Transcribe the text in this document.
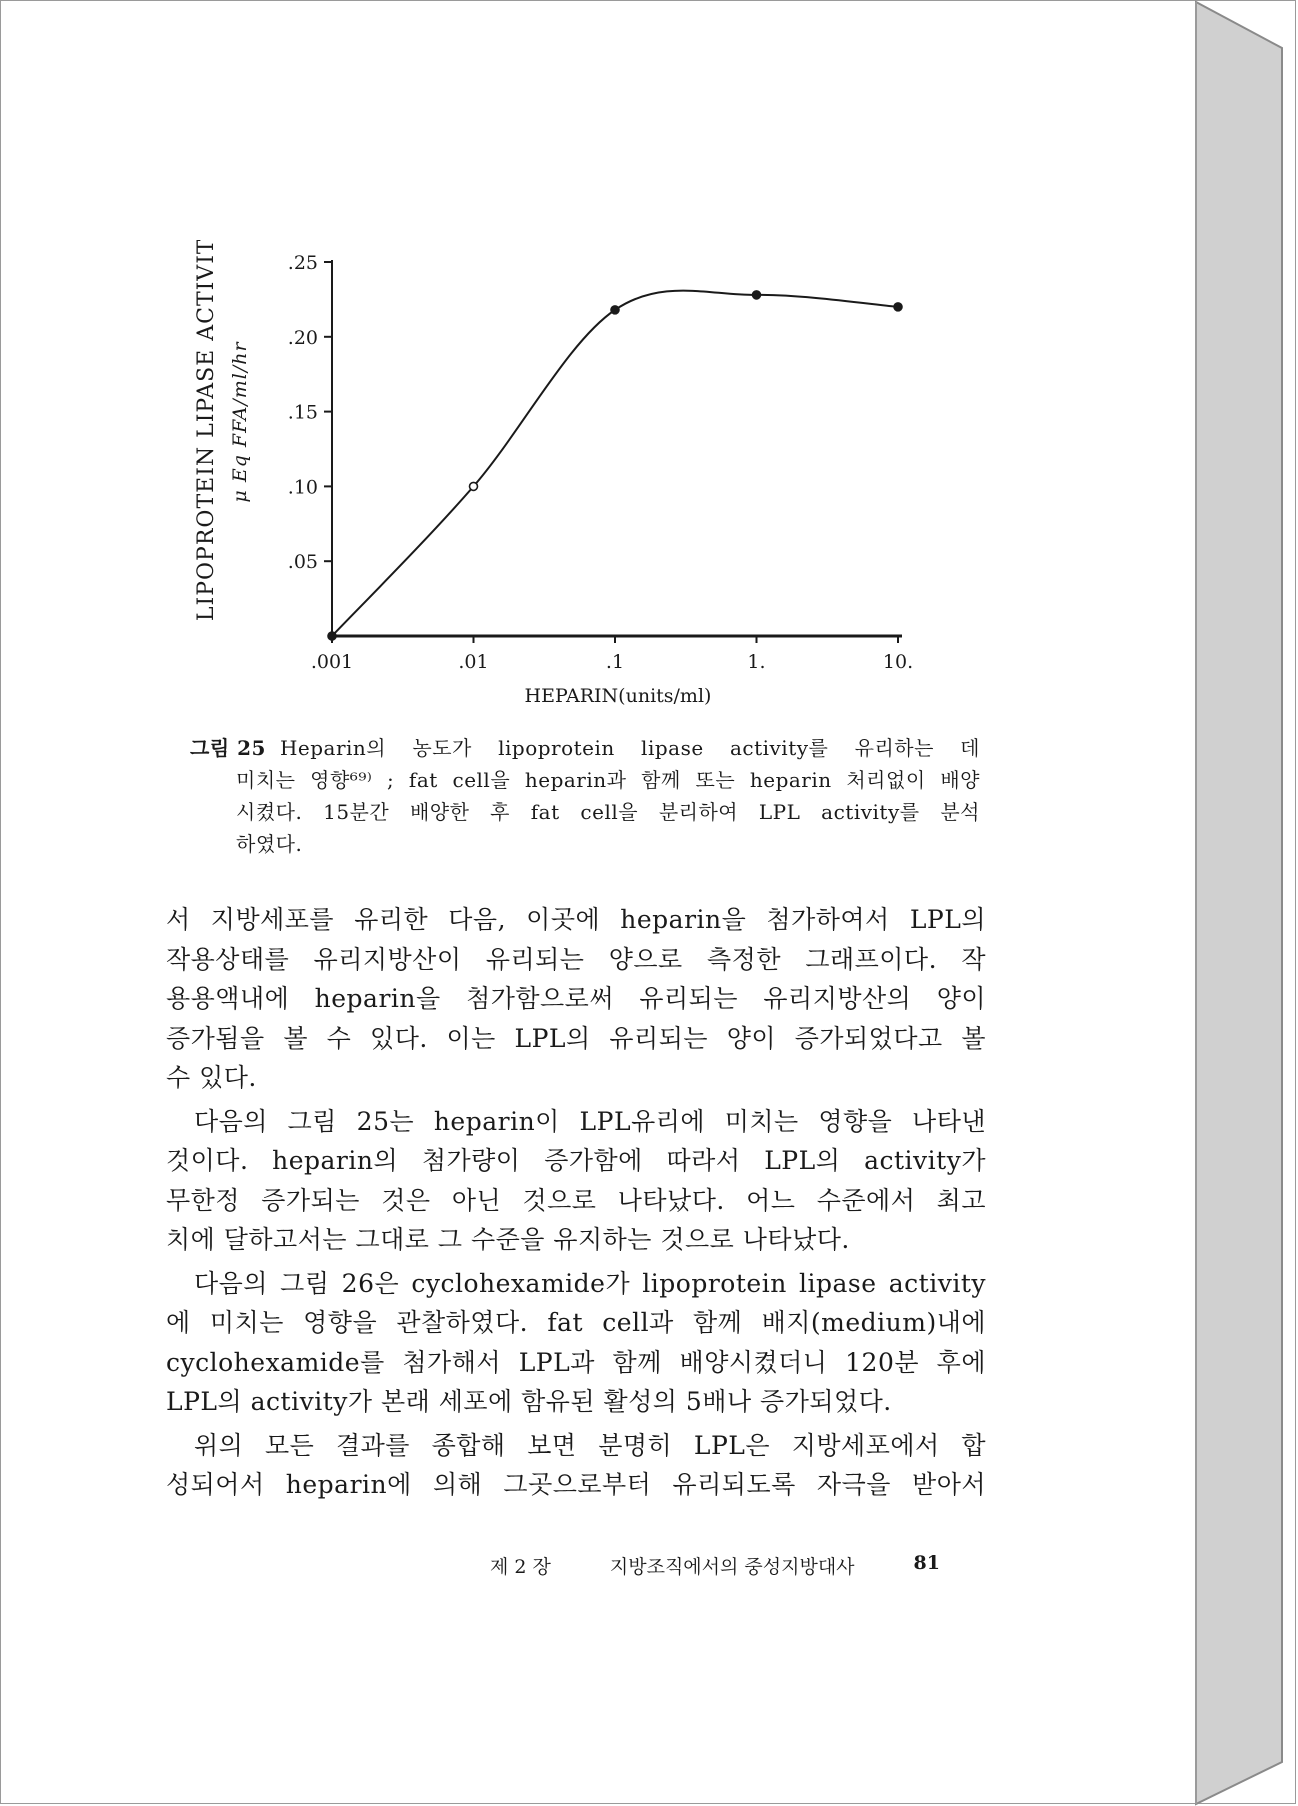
LIPOPROTEIN LIPASE ACTIVITY μ Eq FFA/ml/hr
.05
.10
.15
.20
.25
.001	.01	.1	1.	10.
HEPARIN(units/ml)
그림 25 Heparin의 농도가 lipoprotein lipase activity를 유리하는 데
미치는 영향⁶⁹⁾ ; fat cell을 heparin과 함께 또는 heparin 처리없이 배양
시켰다. 15분간 배양한 후 fat cell을 분리하여 LPL activity를 분석
하였다.
서 지방세포를 유리한 다음, 이곳에 heparin을 첨가하여서 LPL의
작용상태를 유리지방산이 유리되는 양으로 측정한 그래프이다. 작
용용액내에 heparin을 첨가함으로써 유리되는 유리지방산의 양이
증가됨을 볼 수 있다. 이는 LPL의 유리되는 양이 증가되었다고 볼
수 있다.
다음의 그림 25는 heparin이 LPL유리에 미치는 영향을 나타낸
것이다. heparin의 첨가량이 증가함에 따라서 LPL의 activity가
무한정 증가되는 것은 아닌 것으로 나타났다. 어느 수준에서 최고
치에 달하고서는 그대로 그 수준을 유지하는 것으로 나타났다.
다음의 그림 26은 cyclohexamide가 lipoprotein lipase activity
에 미치는 영향을 관찰하였다. fat cell과 함께 배지(medium)내에
cyclohexamide를 첨가해서 LPL과 함께 배양시켰더니 120분 후에
LPL의 activity가 본래 세포에 함유된 활성의 5배나 증가되었다.
위의 모든 결과를 종합해 보면 분명히 LPL은 지방세포에서 합
성되어서 heparin에 의해 그곳으로부터 유리되도록 자극을 받아서
제 2 장	지방조직에서의 중성지방대사	81
